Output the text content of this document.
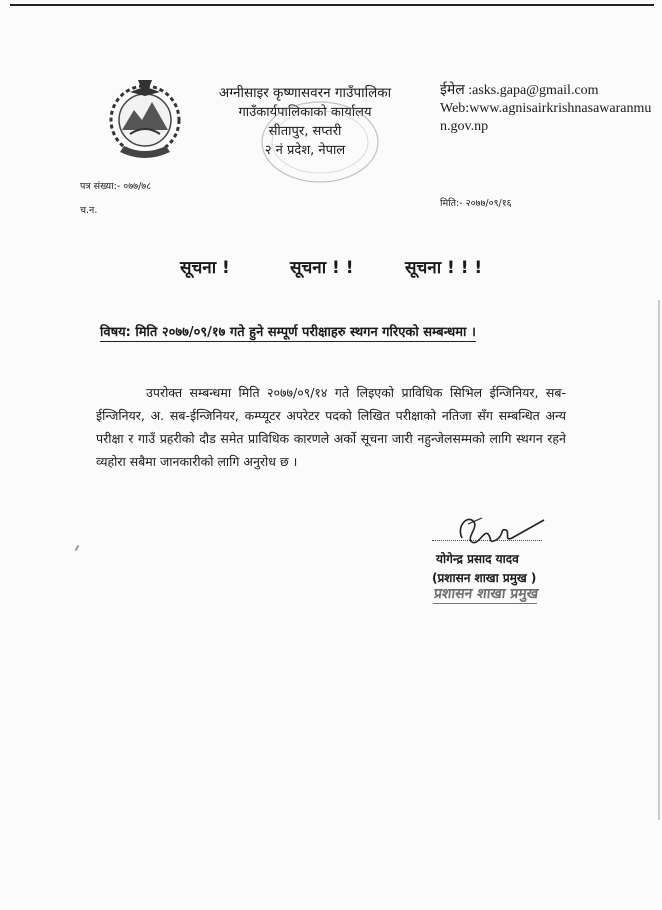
अग्नीसाइर कृष्णासवरन गाउँपालिका
गाउँकार्यपालिकाको कार्यालय
सीतापुर, सप्तरी
२ नं प्रदेश, नेपाल
ईमेल :asks.gapa@gmail.com
Web:www.agnisairkrishnasawaranmun.gov.np
पत्र संख्या:- ०७७/७८
च.न.
मिति:- २०७७/०९/१६
सूचना !	सूचना ! !	सूचना ! ! !
विषय: मिति २०७७/०९/१७ गते हुने सम्पूर्ण परीक्षाहरु स्थगन गरिएको सम्बन्धमा ।
उपरोक्त सम्बन्धमा मिति २०७७/०९/१४ गते लिइएको प्राविधिक सिभिल ईन्जिनियर, सब-ईन्जिनियर, अ. सब-ईन्जिनियर, कम्प्यूटर अपरेटर पदको लिखित परीक्षाको नतिजा सँग सम्बन्धित अन्य परीक्षा र गाउँ प्रहरीको दौड समेत प्राविधिक कारणले अर्को सूचना जारी नहुन्जेलसम्मको लागि स्थगन रहने व्यहोरा सबैमा जानकारीको लागि अनुरोध छ ।
योगेन्द्र प्रसाद यादव
(प्रशासन शाखा प्रमुख )
प्रशासन शाखा प्रमुख
